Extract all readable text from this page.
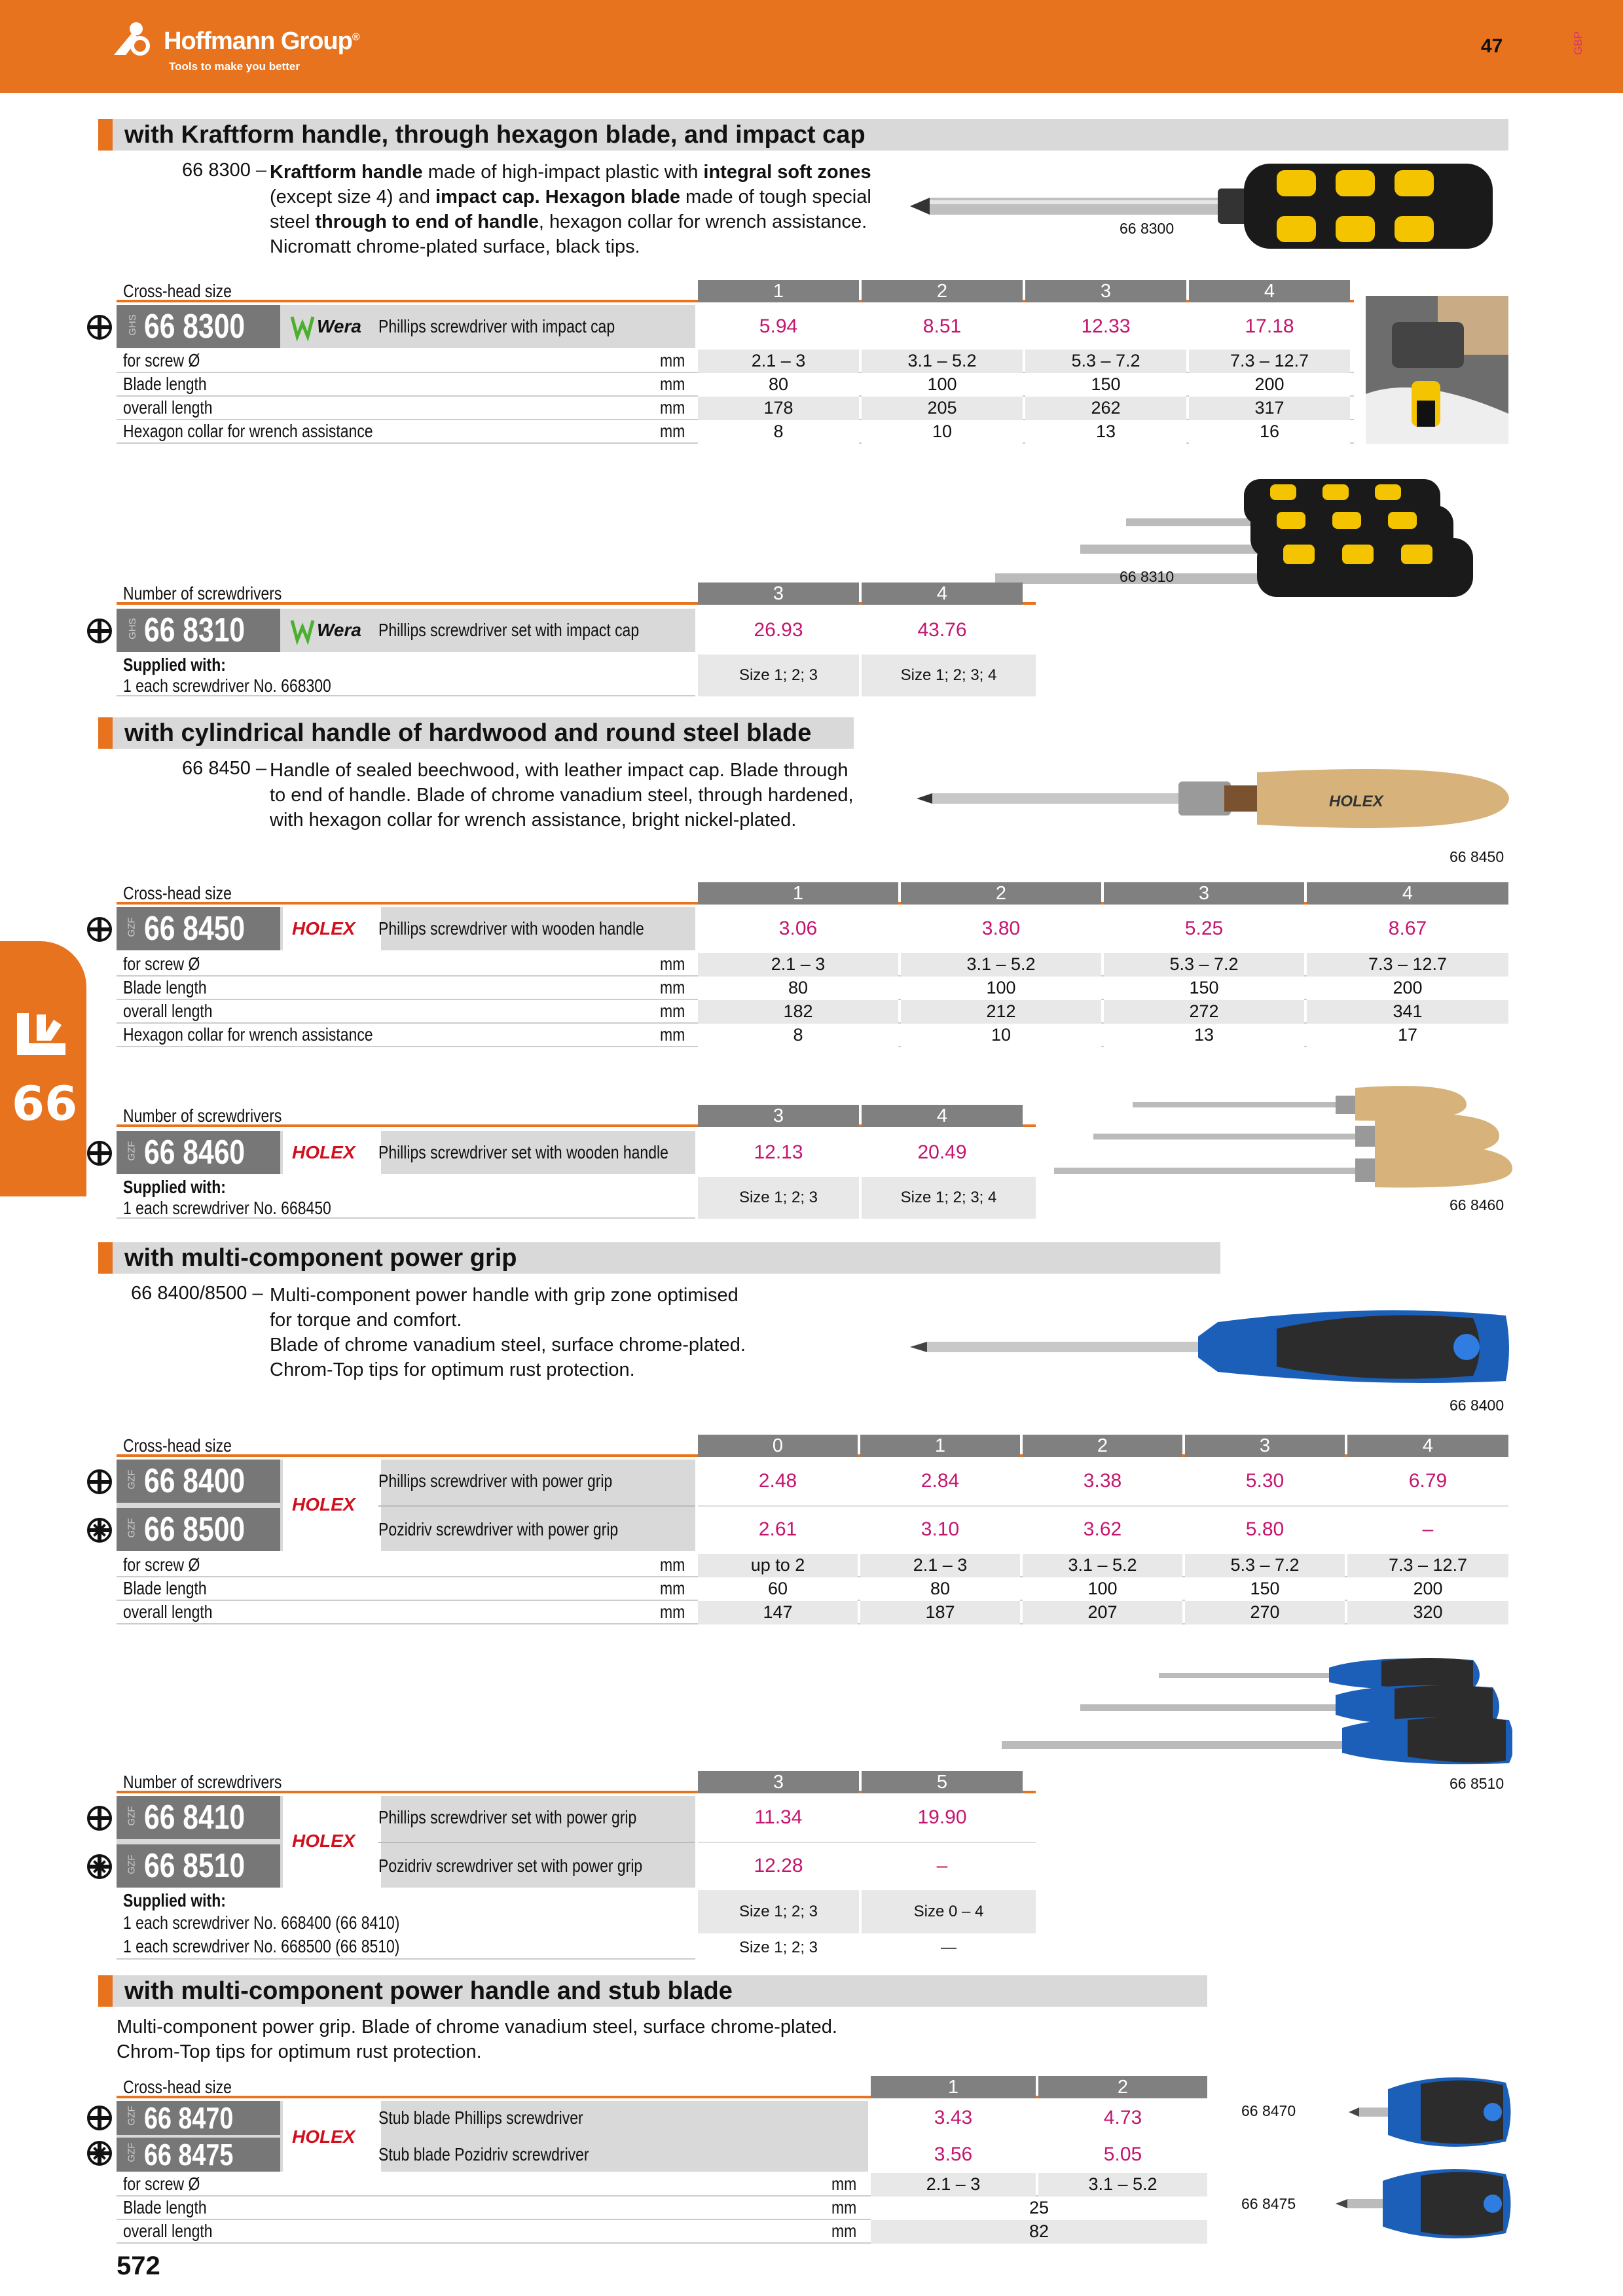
Hoffmann Group®
Tools to make you better
47	GBP
66
with Kraftform handle, through hexagon blade, and impact cap
66 8300 – Kraftform handle made of high-impact plastic with integral soft zones
(except size 4) and impact cap. Hexagon blade made of tough special
steel through to end of handle, hexagon collar for wrench assistance.
Nicromatt chrome-plated surface, black tips.
66 8300
Cross-head size	1	2	3	4
GHS 66 8300	Wera Phillips screwdriver with impact cap	5.94	8.51	12.33	17.18
for screw Ø	mm	2.1 – 3	3.1 – 5.2	5.3 – 7.2	7.3 – 12.7
Blade length	mm	80	100	150	200
overall length	mm	178	205	262	317
Hexagon collar for wrench assistance	mm	8	10	13	16
66 8310
Number of screwdrivers	3	4
GHS 66 8310	Wera Phillips screwdriver set with impact cap	26.93	43.76
Supplied with:
1 each screwdriver No. 668300
Size 1; 2; 3	Size 1; 2; 3; 4
with cylindrical handle of hardwood and round steel blade
66 8450 – Handle of sealed beechwood, with leather impact cap. Blade through
to end of handle. Blade of chrome vanadium steel, through hardened,
with hexagon collar for wrench assistance, bright nickel-plated.
HOLEX
66 8450
Cross-head size	1	2	3	4
GZF 66 8450	HOLEX Phillips screwdriver with wooden handle	3.06	3.80	5.25	8.67
for screw Ø	mm	2.1 – 3	3.1 – 5.2	5.3 – 7.2	7.3 – 12.7
Blade length	mm	80	100	150	200
overall length	mm	182	212	272	341
Hexagon collar for wrench assistance	mm	8	10	13	17
66 8460
Number of screwdrivers	3	4
GZF 66 8460	HOLEX Phillips screwdriver set with wooden handle	12.13	20.49
Supplied with:
1 each screwdriver No. 668450
Size 1; 2; 3	Size 1; 2; 3; 4
with multi-component power grip
66 8400/8500 – Multi-component power handle with grip zone optimised
for torque and comfort.
Blade of chrome vanadium steel, surface chrome-plated.
Chrom-Top tips for optimum rust protection.
66 8400
Cross-head size	0	1	2	3	4
GZF
GZF
66 8400
66 8500
HOLEX
Phillips screwdriver with power grip
Pozidriv screwdriver with power grip
2.48	2.84	3.38	5.30	6.79
2.61	3.10	3.62	5.80	–
for screw Ø	mm	up to 2	2.1 – 3	3.1 – 5.2	5.3 – 7.2	7.3 – 12.7
Blade length	mm	60	80	100	150	200
overall length	mm	147	187	207	270	320
66 8510
Number of screwdrivers	3	5
GZF
GZF
66 8410
66 8510
HOLEX
Phillips screwdriver set with power grip
Pozidriv screwdriver set with power grip
11.34	19.90
12.28	–
Supplied with:
1 each screwdriver No. 668400 (66 8410)
1 each screwdriver No. 668500 (66 8510)
Size 1; 2; 3	Size 0 – 4
Size 1; 2; 3	—
with multi-component power handle and stub blade
Multi-component power grip. Blade of chrome vanadium steel, surface chrome-plated.
Chrom-Top tips for optimum rust protection.
Cross-head size	1	2
GZF
GZF
66 8470
66 8475
HOLEX
Stub blade Phillips screwdriver
Stub blade Pozidriv screwdriver
3.43	4.73
3.56	5.05
for screw Ø	mm	2.1 – 3	3.1 – 5.2
Blade length	mm	25
overall length	mm	82
66 8470
66 8475
572
